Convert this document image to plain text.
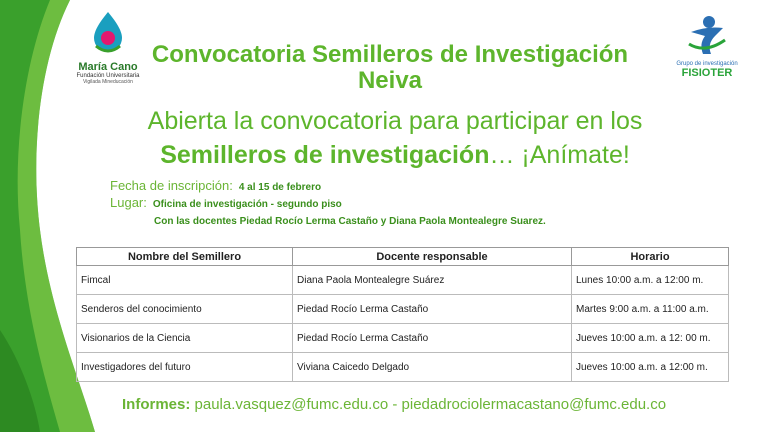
María Cano
Fundación Universitaria
Vigilada Mineducación
Grupo de investigación
FISIOTER
Convocatoria Semilleros de Investigación
Neiva
Abierta la convocatoria para participar en los
Semilleros de investigación… ¡Anímate!
Fecha de inscripción: 4 al 15 de febrero
Lugar: Oficina de investigación - segundo piso
Con las docentes Piedad Rocío Lerma Castaño y Diana Paola Montealegre Suarez.
Nombre del Semillero	Docente responsable	Horario
Fimcal	Diana Paola Montealegre Suárez	Lunes 10:00 a.m. a 12:00 m.
Senderos del conocimiento	Piedad Rocío Lerma Castaño	Martes 9:00 a.m. a 11:00 a.m.
Visionarios de la Ciencia	Piedad Rocío Lerma Castaño	Jueves 10:00 a.m. a 12: 00 m.
Investigadores del futuro	Viviana Caicedo Delgado	Jueves 10:00 a.m. a 12:00 m.
Informes: paula.vasquez@fumc.edu.co - piedadrociolermacastano@fumc.edu.co
